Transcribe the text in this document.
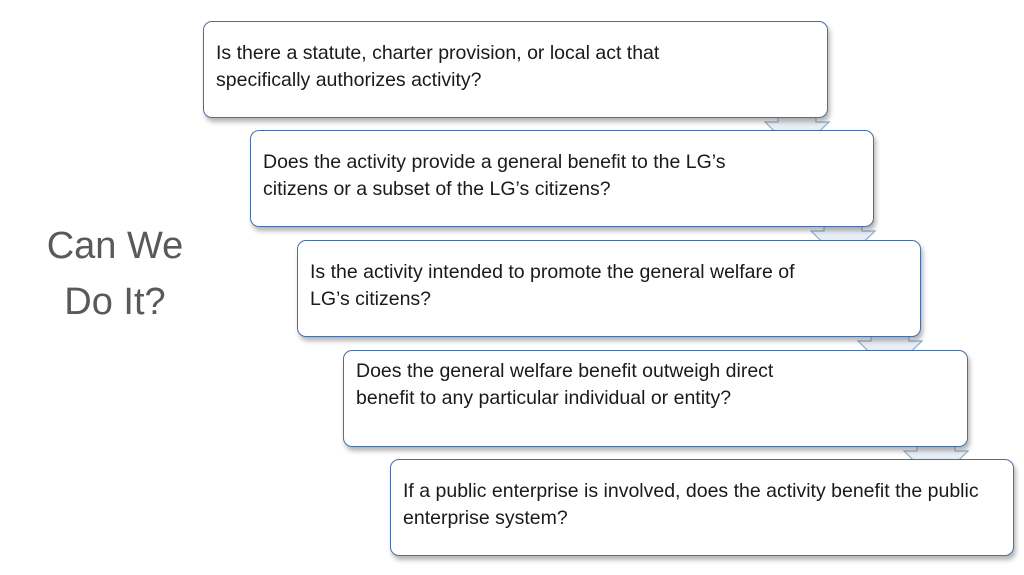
Can We
Do It?
Is there a statute, charter provision, or local act that specifically authorizes activity?
Does the activity provide a general benefit to the LG’s citizens or a subset of the LG’s citizens?
Is the activity intended to promote the general welfare of LG’s citizens?
Does the general welfare benefit outweigh direct benefit to any particular individual or entity?
If a public enterprise is involved, does the activity benefit the public enterprise system?
